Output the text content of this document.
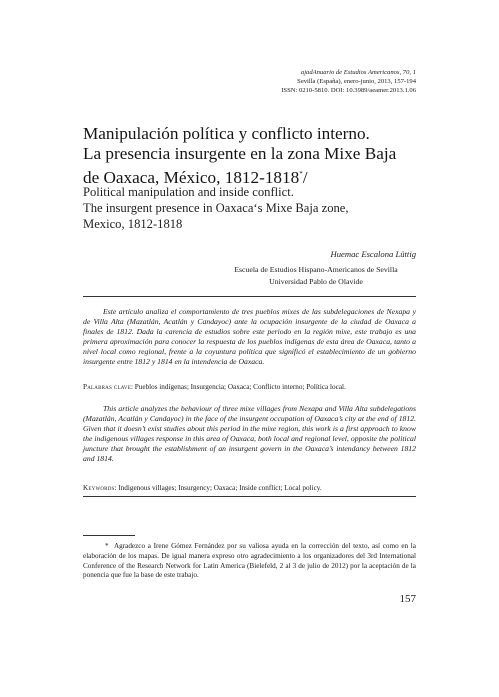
ajadAnuario de Estudios Americanos, 70, 1
Sevilla (España), enero-junio, 2013, 157-194
ISSN: 0210-5810. DOI: 10.3989/aeamer.2013.1.06
Manipulación política y conflicto interno.
La presencia insurgente en la zona Mixe Baja
de Oaxaca, México, 1812-1818*/
Political manipulation and inside conflict.
The insurgent presence in Oaxaca‘s Mixe Baja zone,
Mexico, 1812-1818
Huemac Escalona Lüttig
Escuela de Estudios Hispano-Americanos de Sevilla
Universidad Pablo de Olavide
Este artículo analiza el comportamiento de tres pueblos mixes de las subdelegaciones de Nexapa y de Villa Alta (Mazatlán, Acatlán y Candayoc) ante la ocupación insurgente de la ciudad de Oaxaca a finales de 1812. Dada la carencia de estudios sobre este periodo en la región mixe, este trabajo es una primera aproximación para conocer la respuesta de los pueblos indígenas de esta área de Oaxaca, tanto a nivel local como regional, frente a la coyuntura política que significó el establecimiento de un gobierno insurgente entre 1812 y 1814 en la intendencia de Oaxaca.
Palabras clave: Pueblos indígenas; Insurgencia; Oaxaca; Conflicto interno; Política local.
This article analyzes the behaviour of three mixe villages from Nexapa and Villa Alta subdelegations (Mazatlán, Acatlán y Candayoc) in the face of the insurgent occupation of Oaxaca’s city at the end of 1812. Given that it doesn’t exist studies about this period in the mixe region, this work is a first approach to know the indigenous villages response in this area of Oaxaca, both local and regional level, opposite the political juncture that brought the establishment of an insurgent govern in the Oaxaca’s intendancy between 1812 and 1814.
Keywords: Indigenous villages; Insurgency; Oaxaca; Inside conflict; Local policy.
* Agradezco a Irene Gómez Fernández por su valiosa ayuda en la corrección del texto, así como en la elaboración de los mapas. De igual manera expreso otro agradecimiento a los organizadores del 3rd International Conference of the Research Network for Latin America (Bielefeld, 2 al 3 de julio de 2012) por la aceptación de la ponencia que fue la base de este trabajo.
157
